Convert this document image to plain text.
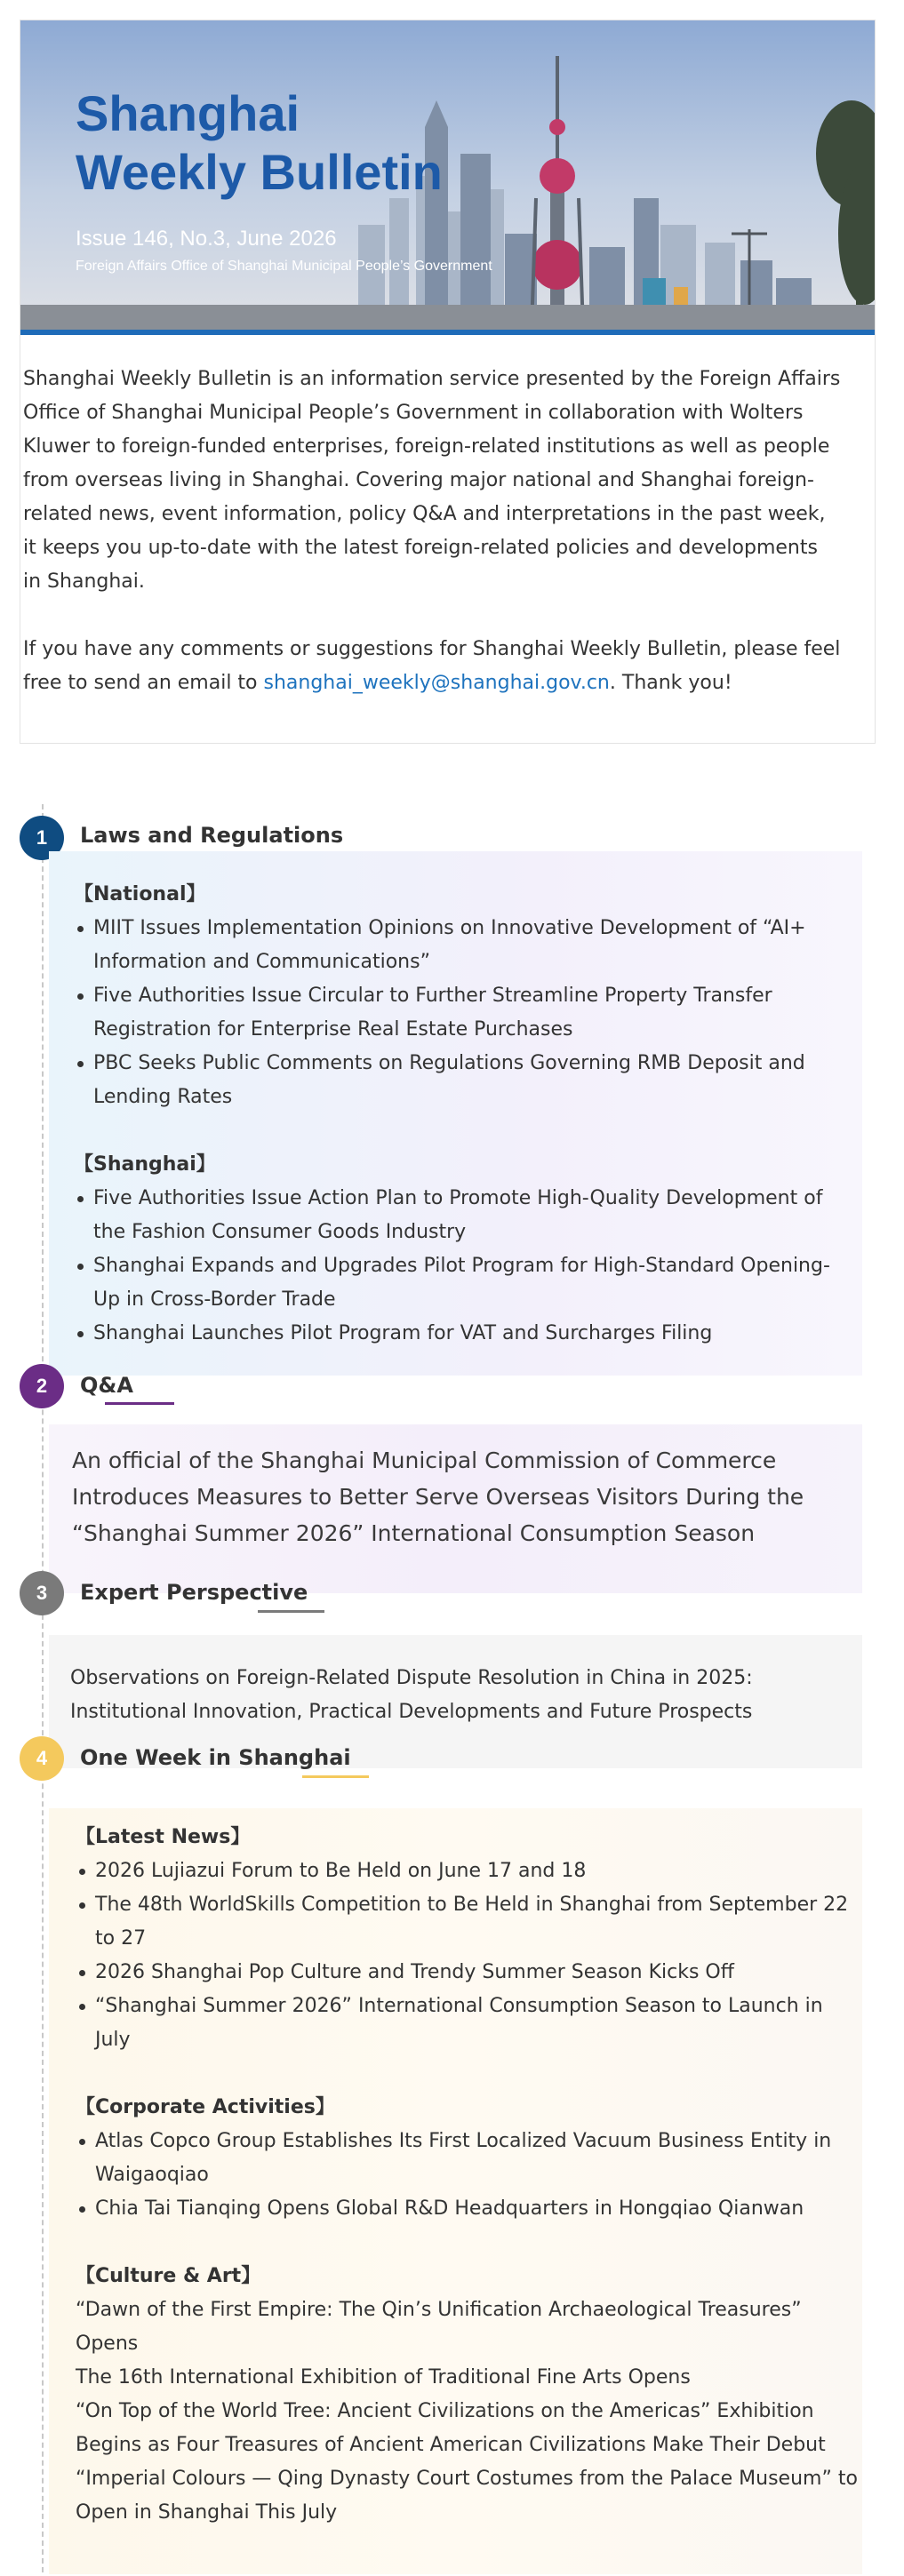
Shanghai
Weekly Bulletin
Issue 146, No.3, June 2026
Foreign Affairs Office of Shanghai Municipal People’s Government

Shanghai Weekly Bulletin is an information service presented by the Foreign Affairs Office of Shanghai Municipal People’s Government in collaboration with Wolters Kluwer to foreign-funded enterprises, foreign-related institutions as well as people from overseas living in Shanghai. Covering major national and Shanghai foreign-related news, event information, policy Q&A and interpretations in the past week, it keeps you up-to-date with the latest foreign-related policies and developments in Shanghai.

If you have any comments or suggestions for Shanghai Weekly Bulletin, please feel free to send an email to shanghai_weekly@shanghai.gov.cn. Thank you!

1	Laws and Regulations
【National】
MIIT Issues Implementation Opinions on Innovative Development of “AI+ Information and Communications”
Five Authorities Issue Circular to Further Streamline Property Transfer Registration for Enterprise Real Estate Purchases
PBC Seeks Public Comments on Regulations Governing RMB Deposit and Lending Rates
【Shanghai】
Five Authorities Issue Action Plan to Promote High-Quality Development of the Fashion Consumer Goods Industry
Shanghai Expands and Upgrades Pilot Program for High-Standard Opening-Up in Cross-Border Trade
Shanghai Launches Pilot Program for VAT and Surcharges Filing
2	Q&A
An official of the Shanghai Municipal Commission of Commerce Introduces Measures to Better Serve Overseas Visitors During the “Shanghai Summer 2026” International Consumption Season
3	Expert Perspective
Observations on Foreign-Related Dispute Resolution in China in 2025: Institutional Innovation, Practical Developments and Future Prospects
4	One Week in Shanghai
【Latest News】
2026 Lujiazui Forum to Be Held on June 17 and 18
The 48th WorldSkills Competition to Be Held in Shanghai from September 22 to 27
2026 Shanghai Pop Culture and Trendy Summer Season Kicks Off
“Shanghai Summer 2026” International Consumption Season to Launch in July
【Corporate Activities】
Atlas Copco Group Establishes Its First Localized Vacuum Business Entity in Waigaoqiao
Chia Tai Tianqing Opens Global R&D Headquarters in Hongqiao Qianwan
【Culture & Art】
“Dawn of the First Empire: The Qin’s Unification Archaeological Treasures” Opens
The 16th International Exhibition of Traditional Fine Arts Opens
“On Top of the World Tree: Ancient Civilizations on the Americas” Exhibition Begins as Four Treasures of Ancient American Civilizations Make Their Debut
“Imperial Colours — Qing Dynasty Court Costumes from the Palace Museum” to Open in Shanghai This July
